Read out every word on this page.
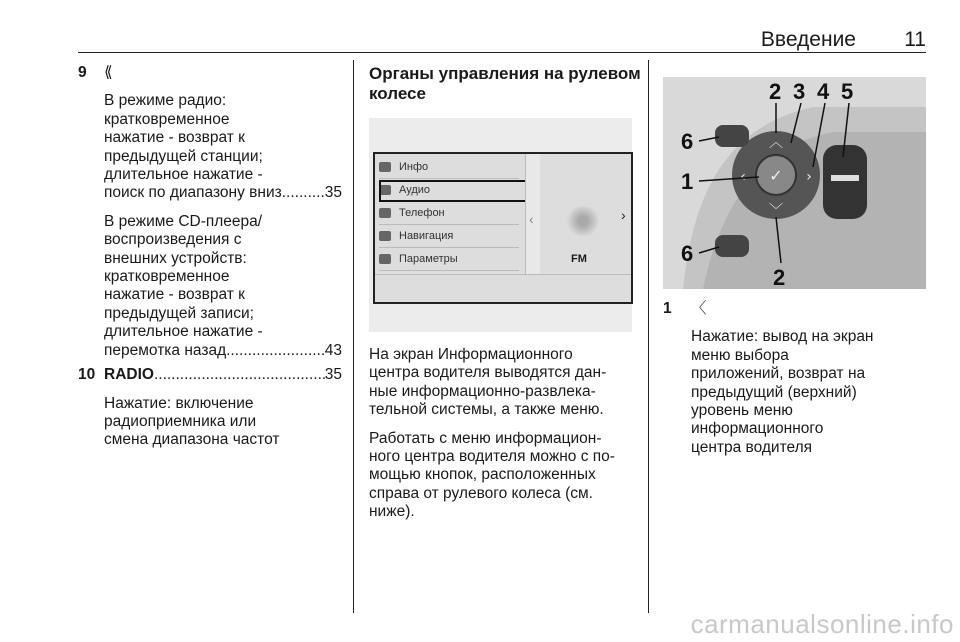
Введение 11
9 ⟪
В режиме радио:
кратковременное
нажатие - возврат к
предыдущей станции;
длительное нажатие -
поиск по диапазону вниз .....	35
В режиме CD-плеера/
воспроизведения с
внешних устройств:
кратковременное
нажатие - возврат к
предыдущей записи;
длительное нажатие -
перемотка назад .....	43
10 RADIO .....	35
Нажатие: включение
радиоприемника или
смена диапазона частот
Органы управления на рулевом
колесе
Инфо
Аудио
Телефон
Навигация
Параметры
‹
FM
›
На экран Информационного
центра водителя выводятся дан-
ные информационно-развлека-
тельной системы, а также меню.
Работать с меню информацион-
ного центра водителя можно с по-
мощью кнопок, расположенных
справа от рулевого колеса (см.
ниже).
✓
︿
﹀
‹	›
2 3 4 5
6
1
6
2
1 〈
Нажатие: вывод на экран
меню выбора
приложений, возврат на
предыдущий (верхний)
уровень меню
информационного
центра водителя
carmanualsonline.info
